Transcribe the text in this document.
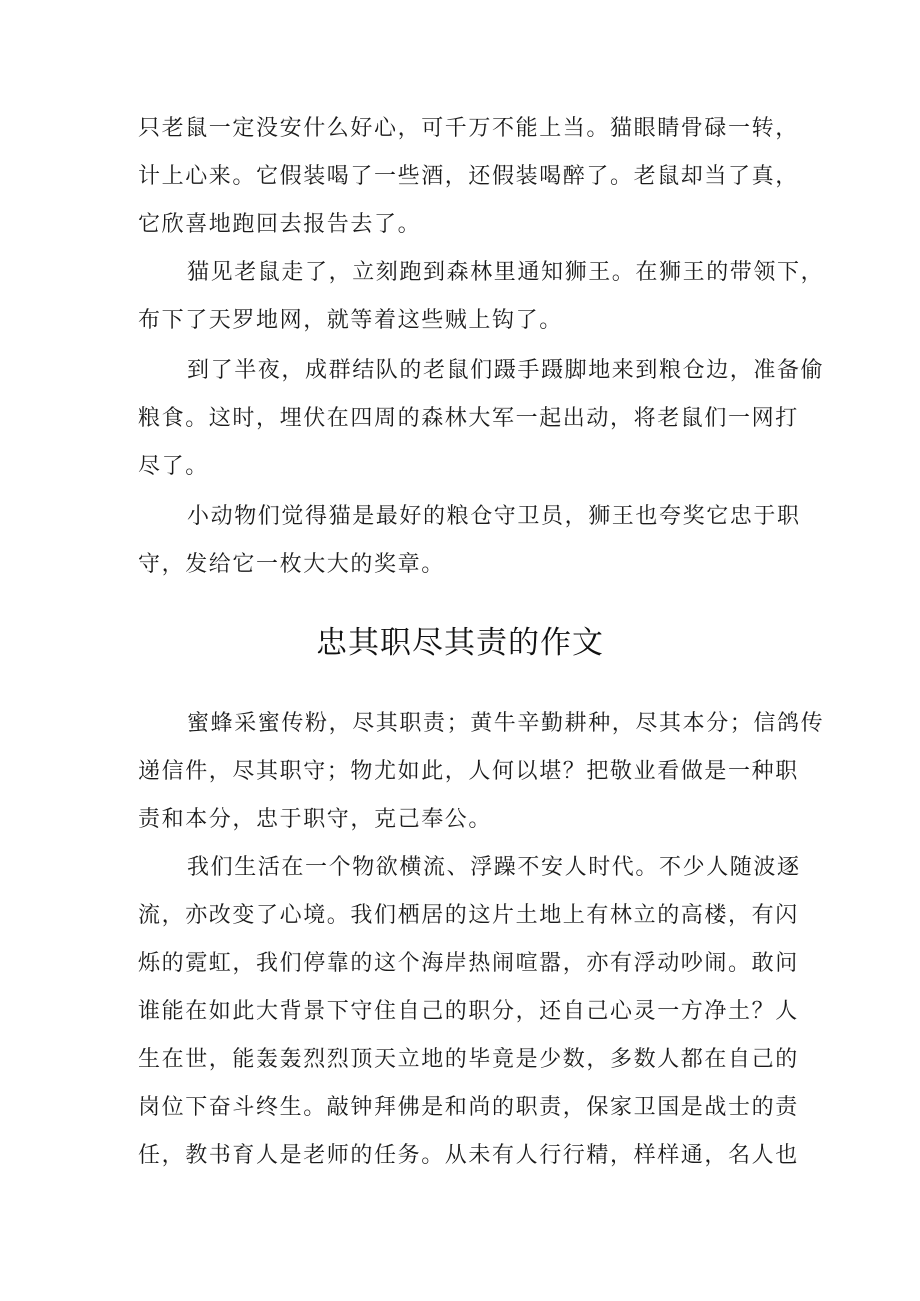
只老鼠一定没安什么好心，可千万不能上当。猫眼睛骨碌一转，
计上心来。它假装喝了一些酒，还假装喝醉了。老鼠却当了真，
它欣喜地跑回去报告去了。
猫见老鼠走了，立刻跑到森林里通知狮王。在狮王的带领下，
布下了天罗地网，就等着这些贼上钩了。
到了半夜，成群结队的老鼠们蹑手蹑脚地来到粮仓边，准备偷
粮食。这时，埋伏在四周的森林大军一起出动，将老鼠们一网打
尽了。
小动物们觉得猫是最好的粮仓守卫员，狮王也夸奖它忠于职
守，发给它一枚大大的奖章。
忠其职尽其责的作文
蜜蜂采蜜传粉，尽其职责；黄牛辛勤耕种，尽其本分；信鸽传
递信件，尽其职守；物尤如此，人何以堪？把敬业看做是一种职
责和本分，忠于职守，克己奉公。
我们生活在一个物欲横流、浮躁不安人时代。不少人随波逐
流，亦改变了心境。我们栖居的这片土地上有林立的高楼，有闪
烁的霓虹，我们停靠的这个海岸热闹喧嚣，亦有浮动吵闹。敢问
谁能在如此大背景下守住自己的职分，还自己心灵一方净土？人
生在世，能轰轰烈烈顶天立地的毕竟是少数，多数人都在自己的
岗位下奋斗终生。敲钟拜佛是和尚的职责，保家卫国是战士的责
任，教书育人是老师的任务。从未有人行行精，样样通，名人也
